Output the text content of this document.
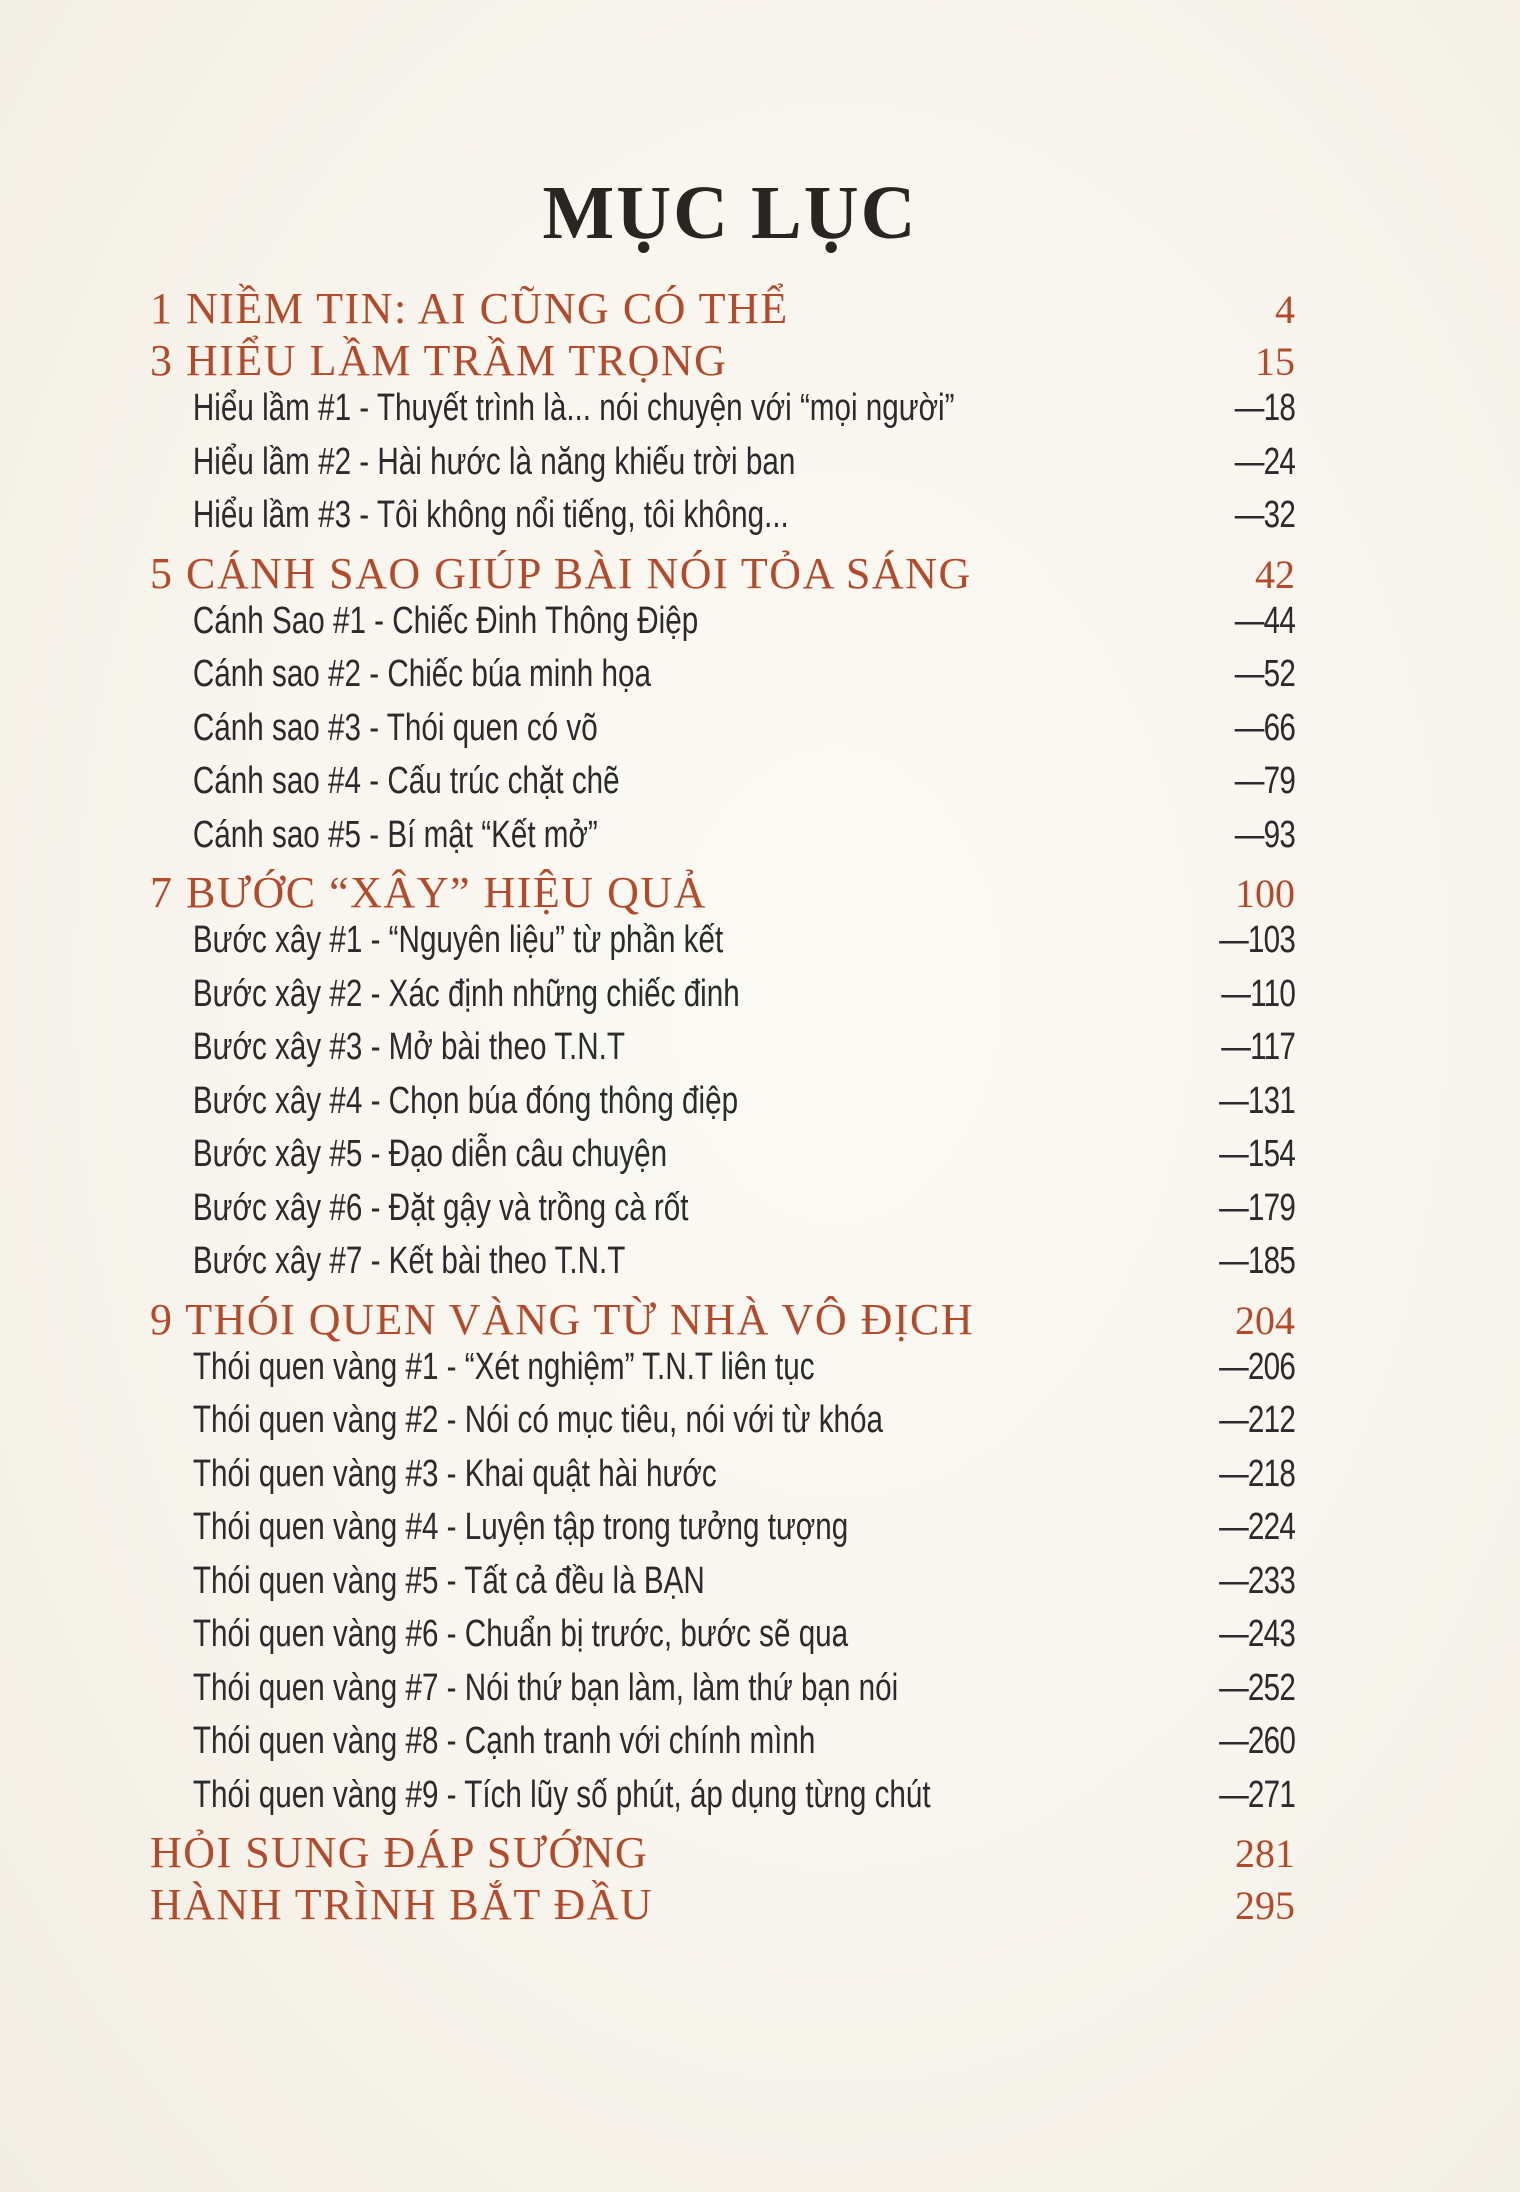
MỤC LỤC
1 NIỀM TIN: AI CŨNG CÓ THỂ	4
3 HIỂU LẦM TRẦM TRỌNG	15
Hiểu lầm #1 - Thuyết trình là... nói chuyện với “mọi người”	—18
Hiểu lầm #2 - Hài hước là năng khiếu trời ban	—24
Hiểu lầm #3 - Tôi không nổi tiếng, tôi không...	—32
5 CÁNH SAO GIÚP BÀI NÓI TỎA SÁNG	42
Cánh Sao #1 - Chiếc Đinh Thông Điệp	—44
Cánh sao #2 - Chiếc búa minh họa	—52
Cánh sao #3 - Thói quen có võ	—66
Cánh sao #4 - Cấu trúc chặt chẽ	—79
Cánh sao #5 - Bí mật “Kết mở”	—93
7 BƯỚC “XÂY” HIỆU QUẢ	100
Bước xây #1 - “Nguyên liệu” từ phần kết	—103
Bước xây #2 - Xác định những chiếc đinh	—110
Bước xây #3 - Mở bài theo T.N.T	—117
Bước xây #4 - Chọn búa đóng thông điệp	—131
Bước xây #5 - Đạo diễn câu chuyện	—154
Bước xây #6 - Đặt gậy và trồng cà rốt	—179
Bước xây #7 - Kết bài theo T.N.T	—185
9 THÓI QUEN VÀNG TỪ NHÀ VÔ ĐỊCH	204
Thói quen vàng #1 - “Xét nghiệm” T.N.T liên tục	—206
Thói quen vàng #2 - Nói có mục tiêu, nói với từ khóa	—212
Thói quen vàng #3 - Khai quật hài hước	—218
Thói quen vàng #4 - Luyện tập trong tưởng tượng	—224
Thói quen vàng #5 - Tất cả đều là BẠN	—233
Thói quen vàng #6 - Chuẩn bị trước, bước sẽ qua	—243
Thói quen vàng #7 - Nói thứ bạn làm, làm thứ bạn nói	—252
Thói quen vàng #8 - Cạnh tranh với chính mình	—260
Thói quen vàng #9 - Tích lũy số phút, áp dụng từng chút	—271
HỎI SUNG ĐÁP SƯỚNG	281
HÀNH TRÌNH BẮT ĐẦU	295
